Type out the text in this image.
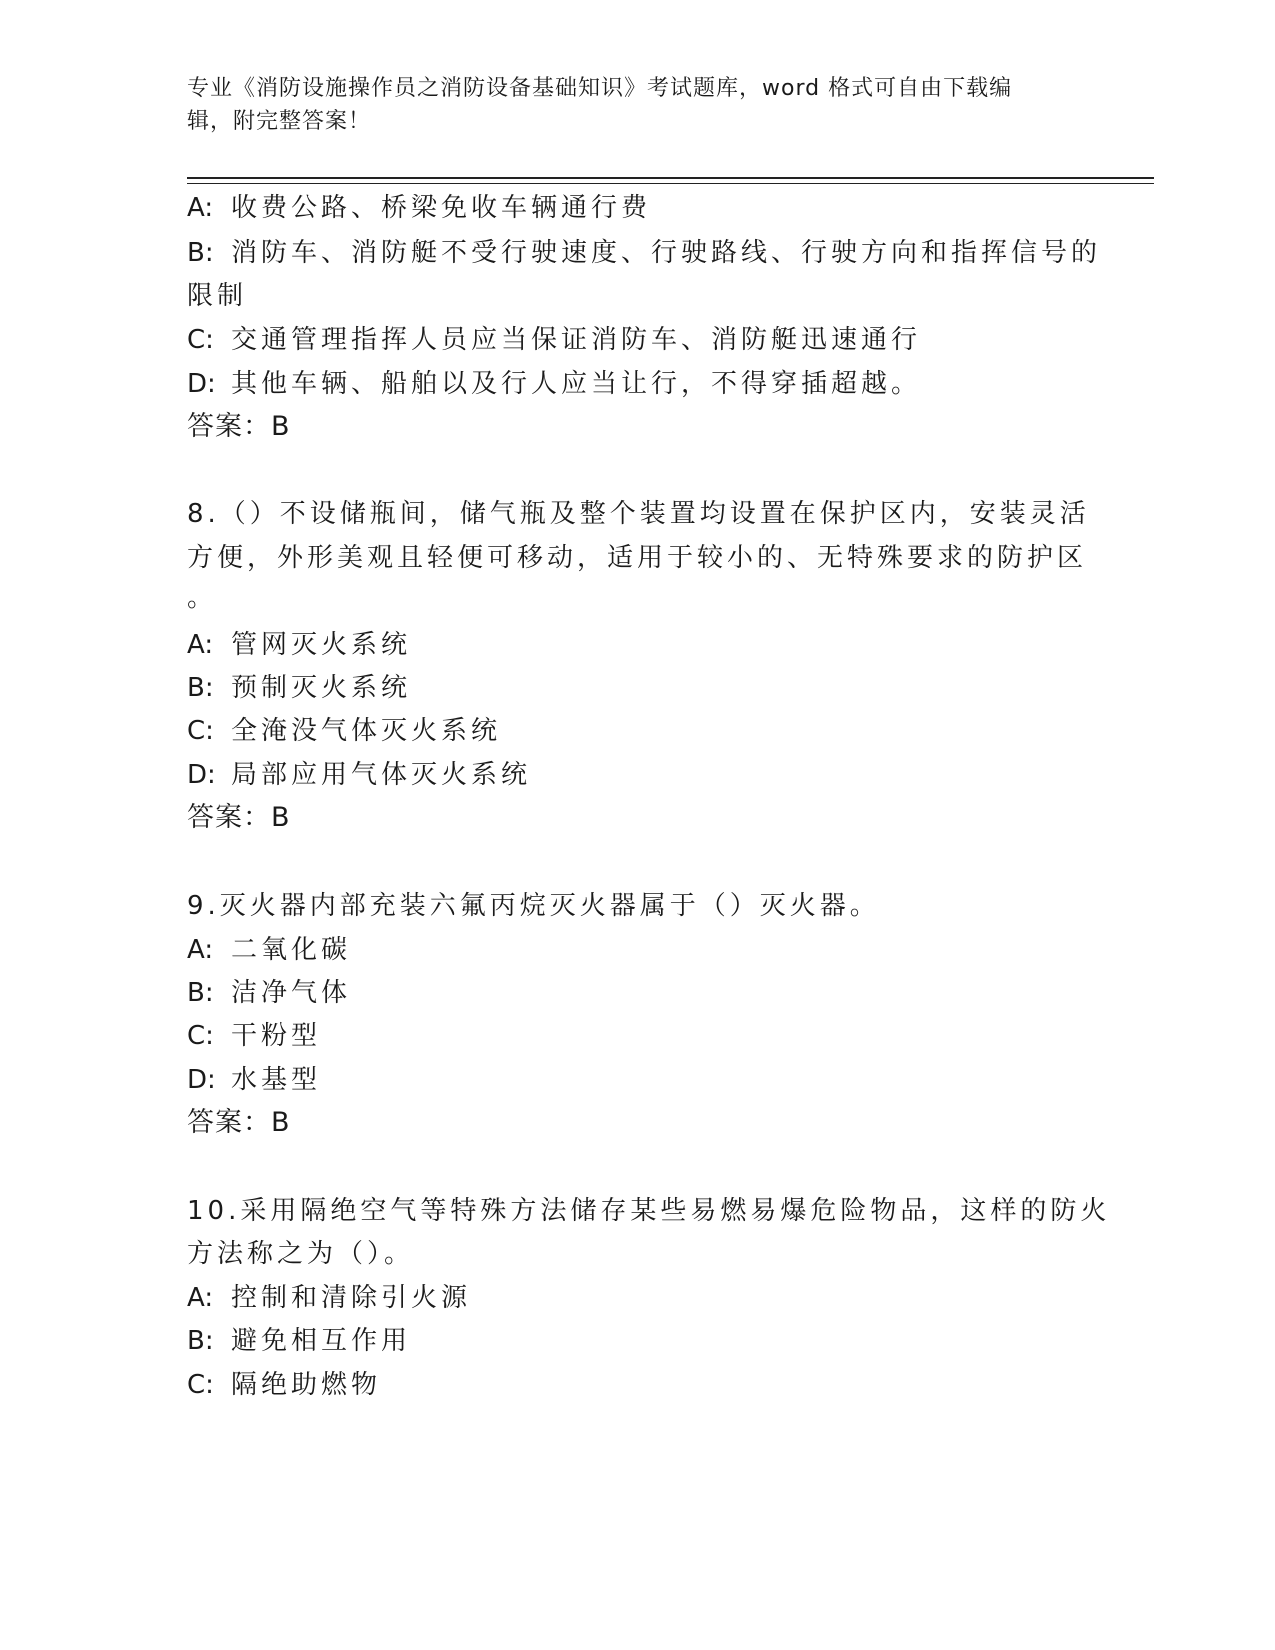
专业《消防设施操作员之消防设备基础知识》考试题库，word 格式可自由下载编
辑，附完整答案！
A: 收费公路、桥梁免收车辆通行费
B: 消防车、消防艇不受行驶速度、行驶路线、行驶方向和指挥信号的
限制
C: 交通管理指挥人员应当保证消防车、消防艇迅速通行
D: 其他车辆、船舶以及行人应当让行，不得穿插超越。
答案：B
8.（）不设储瓶间，储气瓶及整个装置均设置在保护区内，安装灵活
方便，外形美观且轻便可移动，适用于较小的、无特殊要求的防护区
。
A: 管网灭火系统
B: 预制灭火系统
C: 全淹没气体灭火系统
D: 局部应用气体灭火系统
答案：B
9.灭火器内部充装六氟丙烷灭火器属于（）灭火器。
A: 二氧化碳
B: 洁净气体
C: 干粉型
D: 水基型
答案：B
10.采用隔绝空气等特殊方法储存某些易燃易爆危险物品，这样的防火
方法称之为（）。
A: 控制和清除引火源
B: 避免相互作用
C: 隔绝助燃物
